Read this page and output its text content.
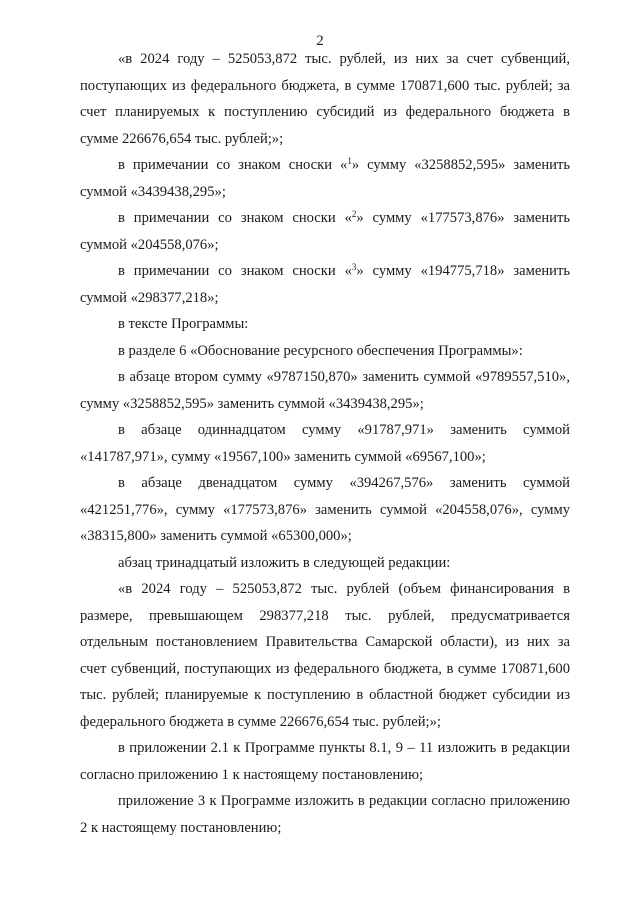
2

«в 2024 году – 525053,872 тыс. рублей, из них за счет субвенций, поступающих из федерального бюджета, в сумме 170871,600 тыс. рублей; за счет планируемых к поступлению субсидий из федерального бюджета в сумме 226676,654 тыс. рублей;»;

в примечании со знаком сноски «$^1$» сумму «3258852,595» заменить суммой «3439438,295»;

в примечании со знаком сноски «$^2$» сумму «177573,876» заменить суммой «204558,076»;

в примечании со знаком сноски «$^3$» сумму «194775,718» заменить суммой «298377,218»;

в тексте Программы:

в разделе 6 «Обоснование ресурсного обеспечения Программы»:

в абзаце втором сумму «9787150,870» заменить суммой «9789557,510», сумму «3258852,595» заменить суммой «3439438,295»;

в абзаце одиннадцатом сумму «91787,971» заменить суммой «141787,971», сумму «19567,100» заменить суммой «69567,100»;

в абзаце двенадцатом сумму «394267,576» заменить суммой «421251,776», сумму «177573,876» заменить суммой «204558,076», сумму «38315,800» заменить суммой «65300,000»;

абзац тринадцатый изложить в следующей редакции:

«в 2024 году – 525053,872 тыс. рублей (объем финансирования в размере, превышающем 298377,218 тыс. рублей, предусматривается отдельным постановлением Правительства Самарской области), из них за счет субвенций, поступающих из федерального бюджета, в сумме 170871,600 тыс. рублей; планируемые к поступлению в областной бюджет субсидии из федерального бюджета в сумме 226676,654 тыс. рублей;»;

в приложении 2.1 к Программе пункты 8.1, 9 – 11 изложить в редакции согласно приложению 1 к настоящему постановлению;

приложение 3 к Программе изложить в редакции согласно приложению 2 к настоящему постановлению;
